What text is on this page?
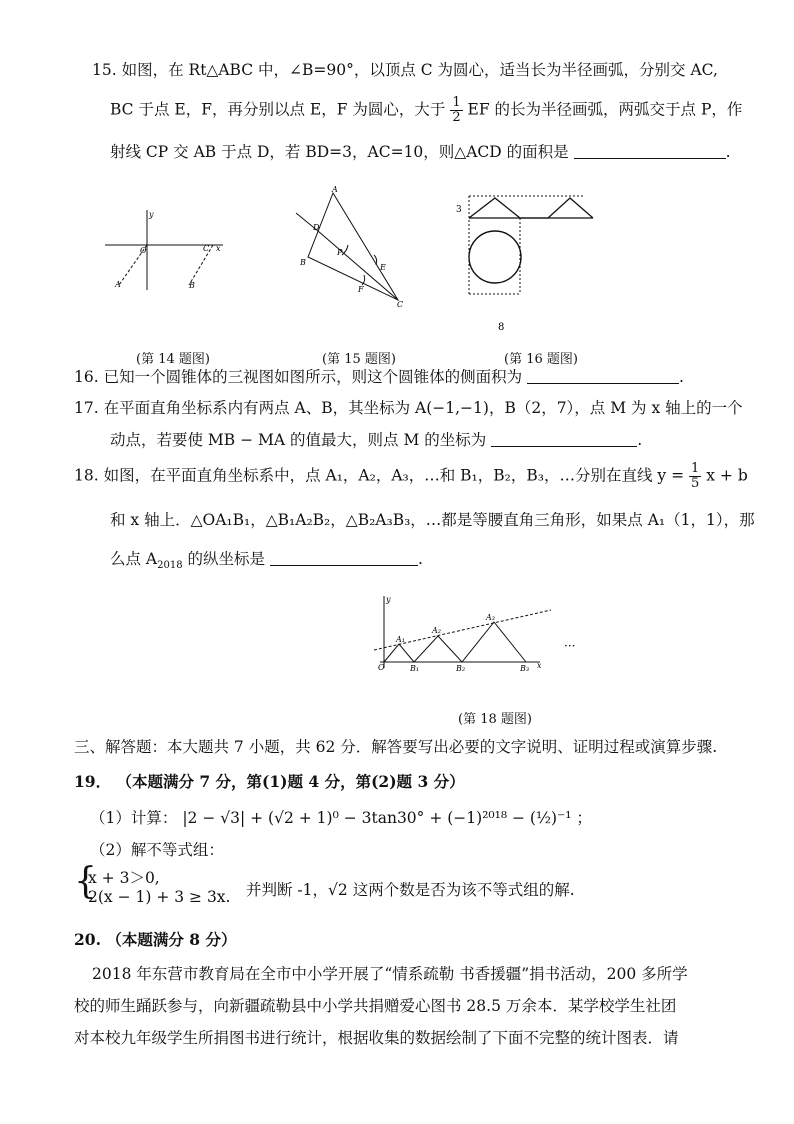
15. 如图，在 Rt△ABC 中，∠B=90°，以顶点 C 为圆心，适当长为半径画弧，分别交 AC,
BC 于点 E，F，再分别以点 E，F 为圆心，大于 $\frac{1}{2}$ EF 的长为半径画弧，两弧交于点 P，作
射线 CP 交 AB 于点 D，若 BD=3，AC=10，则△ACD 的面积是	.
y
O	C x
A	B
(第 14 题图)
A
D
P
E
B
F
C
(第 15 题图)
3
8
(第 16 题图)
16. 已知一个圆锥体的三视图如图所示，则这个圆锥体的侧面积为	.
17. 在平面直角坐标系内有两点 A、B，其坐标为 A(−1,−1)，B（2，7），点 M 为 x 轴上的一个
动点，若要使 MB − MA 的值最大，则点 M 的坐标为	.
18. 如图，在平面直角坐标系中，点 A₁，A₂，A₃，…和 B₁，B₂，B₃，…分别在直线 $y = \frac{1}{5}$ x + b
和 x 轴上．△OA₁B₁，△B₁A₂B₂，△B₂A₃B₃，…都是等腰直角三角形，如果点 A₁（1，1），那
么点 $A_{2018}$ 的纵坐标是	.
y
O	x
A₁
A₂
A₃
B₁	B₂	B₃
···
(第 18 题图)
三、解答题：本大题共 7 小题，共 62 分．解答要写出必要的文字说明、证明过程或演算步骤.
19． （本题满分 7 分，第(1)题 4 分，第(2)题 3 分）
（1）计算： |2 − √3| + (√2 + 1)⁰ − 3tan30° + (−1)²⁰¹⁸ − (½)⁻¹ ；
（2）解不等式组：
{
x + 3＞0,
2(x − 1) + 3 ≥ 3x. 并判断 -1，√2 这两个数是否为该不等式组的解.
20. （本题满分 8 分）
2018 年东营市教育局在全市中小学开展了“情系疏勒 书香援疆”捐书活动，200 多所学
校的师生踊跃参与，向新疆疏勒县中小学共捐赠爱心图书 28.5 万余本．某学校学生社团
对本校九年级学生所捐图书进行统计，根据收集的数据绘制了下面不完整的统计图表．请
